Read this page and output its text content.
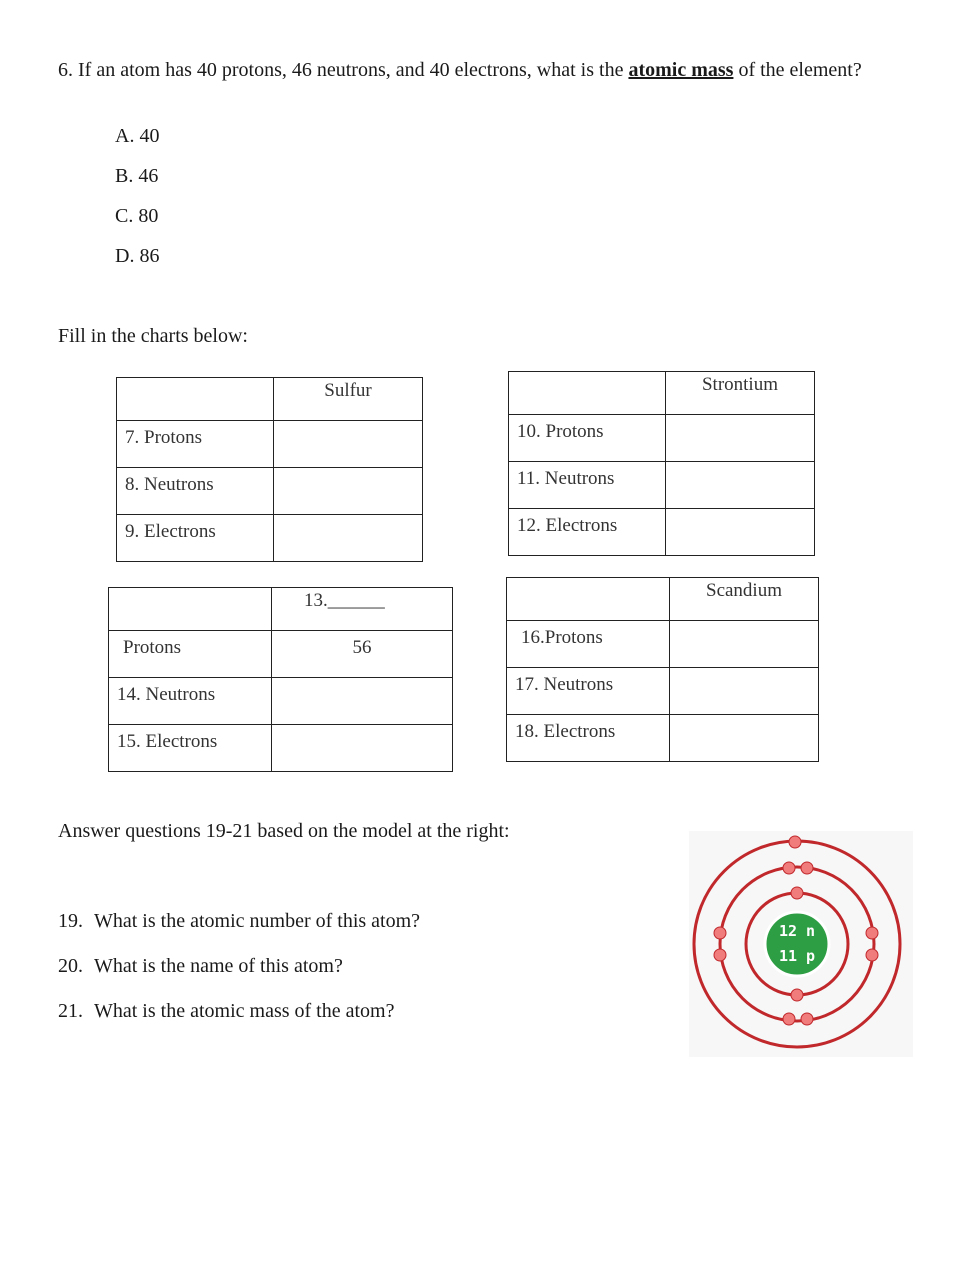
6. If an atom has 40 protons, 46 neutrons, and 40 electrons, what is the atomic mass of the element?
A. 40
B. 46
C. 80
D. 86
Fill in the charts below:
	Sulfur
7. Protons	
8. Neutrons	
9. Electrons	
	Strontium
10. Protons	
11. Neutrons	
12. Electrons	
	13.______
Protons	56
14. Neutrons	
15. Electrons	
	Scandium
16.Protons	
17. Neutrons	
18. Electrons	
Answer questions 19-21 based on the model at the right:
19. What is the atomic number of this atom?
20. What is the name of this atom?
21. What is the atomic mass of the atom?
12 n
11 p
